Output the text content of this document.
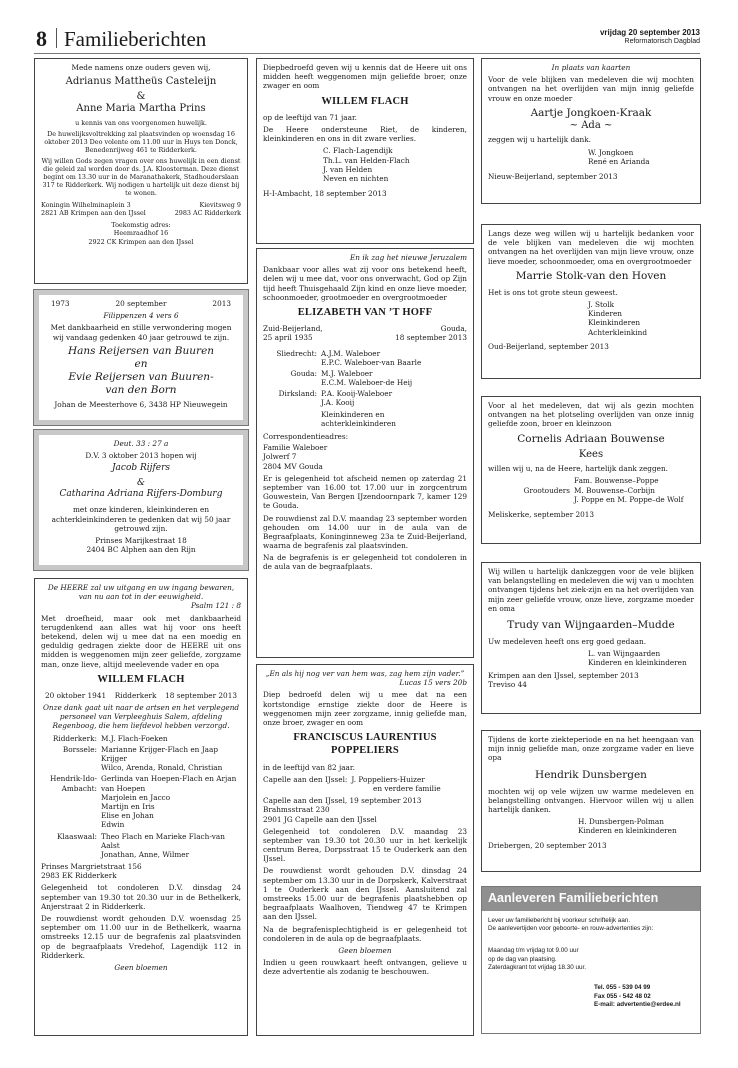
8 Familieberichten	vrijdag 20 september 2013
Reformatorisch Dagblad

Mede namens onze ouders geven wij,

Adrianus Mattheüs Casteleijn

&

Anne Maria Martha Prins

u kennis van ons voorgenomen huwelijk.

De huwelijksvoltrekking zal plaatsvinden op woensdag 16 oktober 2013 Deo volente om 11.00 uur in Huys ten Donck, Benedenrijweg 461 te Ridderkerk.

Wij willen Gods zegen vragen over ons huwelijk in een dienst die geleid zal worden door ds. J.A. Kloosterman. Deze dienst begint om 13.30 uur in de Maranathakerk, Stadhouderslaan 317 te Ridderkerk. Wij nodigen u hartelijk uit deze dienst bij te wonen.

Koningin Wilhelminaplein 3
2821 AB Krimpen aan den IJssel
Kievitsweg 9
2983 AC Ridderkerk
Toekomstig adres:
Heemraadhof 16
2922 CK Krimpen aan den IJssel
1973	20 september	2013

Filippenzen 4 vers 6

Met dankbaarheid en stille verwondering mogen wij vandaag gedenken 40 jaar getrouwd te zijn.

Hans Reijersen van Buuren

en

Evie Reijersen van Buuren-

van den Born

Johan de Meesterhove 6, 3438 HP Nieuwegein

Deut. 33 : 27 a

D.V. 3 oktober 2013 hopen wij

Jacob Rijfers

&

Catharina Adriana Rijfers-Domburg

met onze kinderen, kleinkinderen en achterkleinkinderen te gedenken dat wij 50 jaar getrouwd zijn.

Prinses Marijkestraat 18

2404 BC Alphen aan den Rijn

De HEERE zal uw uitgang en uw ingang bewaren, van nu aan tot in der eeuwigheid.

Psalm 121 : 8

Met droefheid, maar ook met dankbaarheid terugdenkend aan alles wat hij voor ons heeft betekend, delen wij u mee dat na een moedig en geduldig gedragen ziekte door de HEERE uit ons midden is weggenomen mijn zeer geliefde, zorgzame man, onze lieve, altijd meelevende vader en opa

WILLEM FLACH
20 oktober 1941 Ridderkerk 18 september 2013

Onze dank gaat uit naar de artsen en het verplegend personeel van Verpleeghuis Salem, afdeling Regenboog, die hem liefdevol hebben verzorgd.

Ridderkerk: M.J. Flach-Foeken
Borssele: Marianne Krijger-Flach en Jaap Krijger
Wilco, Arenda, Ronald, Christian
Hendrik-Ido-Ambacht:
Gerlinda van Hoepen-Flach en Arjan van Hoepen
Marjolein en Jacco
Martijn en Iris
Elise en Johan
Edwin
Klaaswaal: Theo Flach en Marieke Flach-van Aalst
Jonathan, Anne, Wilmer

Prinses Margrietstraat 156

2983 EK Ridderkerk

Gelegenheid tot condoleren D.V. dinsdag 24 september van 19.30 tot 20.30 uur in de Bethelkerk, Anjerstraat 2 in Ridderkerk.

De rouwdienst wordt gehouden D.V. woensdag 25 september om 11.00 uur in de Bethelkerk, waarna omstreeks 12.15 uur de begrafenis zal plaatsvinden op de begraafplaats Vredehof, Lagendijk 112 in Ridderkerk.

Geen bloemen

Diepbedroefd geven wij u kennis dat de Heere uit ons midden heeft weggenomen mijn geliefde broer, onze zwager en oom

WILLEM FLACH

op de leeftijd van 71 jaar.

De Heere ondersteune Riet, de kinderen, kleinkinderen en ons in dit zware verlies.

C. Flach-Lagendijk
Th.L. van Helden-Flach
J. van Helden
Neven en nichten

H-I-Ambacht, 18 september 2013

En ik zag het nieuwe Jeruzalem

Dankbaar voor alles wat zij voor ons betekend heeft, delen wij u mee dat, voor ons onverwacht, God op Zijn tijd heeft Thuisgehaald Zijn kind en onze lieve moeder, schoonmoeder, grootmoeder en overgrootmoeder

ELIZABETH VAN ’T HOFF
Zuid-Beijerland,
25 april 1935
Gouda,
18 september 2013
Sliedrecht: A.J.M. Waleboer
E.P.C. Waleboer-van Baarle
Gouda: M.J. Waleboer
E.C.M. Waleboer-de Heij
Dirksland: P.A. Kooij-Waleboer
J.A. Kooij
Kleinkinderen en
achterkleinkinderen

Correspondentieadres:

Familie Waleboer
Jolwerf 7
2804 MV Gouda

Er is gelegenheid tot afscheid nemen op zaterdag 21 september van 16.00 tot 17.00 uur in zorgcentrum Gouwestein, Van Bergen IJzendoornpark 7, kamer 129 te Gouda.

De rouwdienst zal D.V. maandag 23 september worden gehouden om 14.00 uur in de aula van de Begraafplaats, Koninginneweg 23a te Zuid-Beijerland, waarna de begrafenis zal plaatsvinden.

Na de begrafenis is er gelegenheid tot condoleren in de aula van de begraafplaats.

„En als hij nog ver van hem was, zag hem zijn vader.”

Lucas 15 vers 20b

Diep bedroefd delen wij u mee dat na een kortstondige ernstige ziekte door de Heere is weggenomen mijn zeer zorgzame, innig geliefde man, onze broer, zwager en oom

FRANCISCUS LAURENTIUS
POPPELIERS

in de leeftijd van 82 jaar.

Capelle aan den IJssel: J. Poppeliers-Huizer

en verdere familie

Capelle aan den IJssel, 19 september 2013

Brahmsstraat 230

2901 JG Capelle aan den IJssel

Gelegenheid tot condoleren D.V. maandag 23 september van 19.30 tot 20.30 uur in het kerkelijk centrum Berea, Dorpsstraat 15 te Ouderkerk aan den IJssel.

De rouwdienst wordt gehouden D.V. dinsdag 24 september om 13.30 uur in de Dorpskerk, Kalverstraat 1 te Ouderkerk aan den IJssel. Aansluitend zal omstreeks 15.00 uur de begrafenis plaatshebben op begraafplaats Waalhoven, Tiendweg 47 te Krimpen aan den IJssel.

Na de begrafenisplechtigheid is er gelegenheid tot condoleren in de aula op de begraafplaats.

Geen bloemen

Indien u geen rouwkaart heeft ontvangen, gelieve u deze advertentie als zodanig te beschouwen.

In plaats van kaarten

Voor de vele blijken van medeleven die wij mochten ontvangen na het overlijden van mijn innig geliefde vrouw en onze moeder

Aartje Jongkoen-Kraak

~ Ada ~

zeggen wij u hartelijk dank.

W. Jongkoen
René en Arianda

Nieuw-Beijerland, september 2013

Langs deze weg willen wij u hartelijk bedanken voor de vele blijken van medeleven die wij mochten ontvangen na het overlijden van mijn lieve vrouw, onze lieve moeder, schoonmoeder, oma en overgrootmoeder

Marrie Stolk-van den Hoven

Het is ons tot grote steun geweest.

J. Stolk
Kinderen
Kleinkinderen
Achterkleinkind

Oud-Beijerland, september 2013

Voor al het medeleven, dat wij als gezin mochten ontvangen na het plotseling overlijden van onze innig geliefde zoon, broer en kleinzoon

Cornelis Adriaan Bouwense

Kees

willen wij u, na de Heere, hartelijk dank zeggen.

Fam. Bouwense–Poppe
Grootouders M. Bouwense–Corbijn
J. Poppe en M. Poppe–de Wolf

Meliskerke, september 2013

Wij willen u hartelijk dankzeggen voor de vele blijken van belangstelling en medeleven die wij van u mochten ontvangen tijdens het ziek-zijn en na het overlijden van mijn zeer geliefde vrouw, onze lieve, zorgzame moeder en oma

Trudy van Wijngaarden–Mudde

Uw medeleven heeft ons erg goed gedaan.

L. van Wijngaarden
Kinderen en kleinkinderen

Krimpen aan den IJssel, september 2013

Treviso 44

Tijdens de korte ziekteperiode en na het heengaan van mijn innig geliefde man, onze zorgzame vader en lieve opa

Hendrik Dunsbergen

mochten wij op vele wijzen uw warme medeleven en belangstelling ontvangen. Hiervoor willen wij u allen hartelijk danken.

H. Dunsbergen-Polman
Kinderen en kleinkinderen

Driebergen, 20 september 2013

Aanleveren Familieberichten
Lever uw familiebericht bij voorkeur schriftelijk aan.
De aanlevertijden voor geboorte- en rouw-advertenties zijn:
Maandag t/m vrijdag tot 9.00 uur
op de dag van plaatsing.
Zaterdagkrant tot vrijdag 18.30 uur.
Tel. 055 - 539 04 99
Fax 055 - 542 48 02
E-mail: advertentie@erdee.nl
